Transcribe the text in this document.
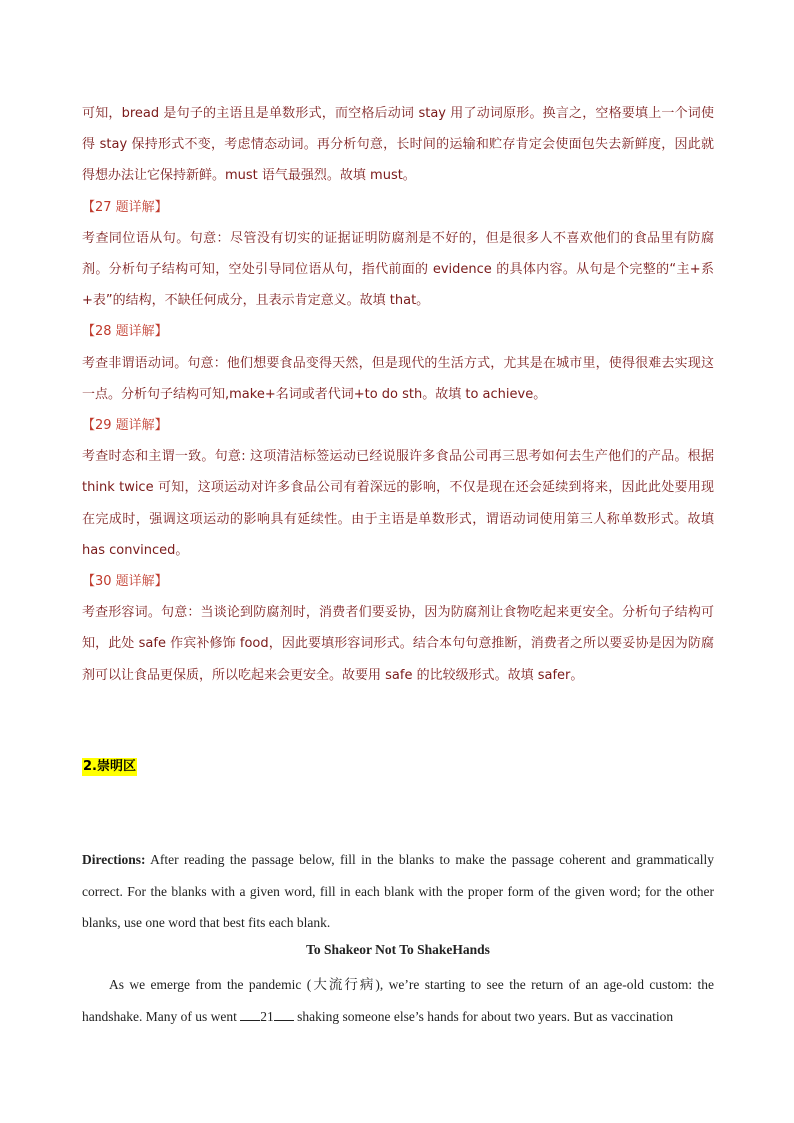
可知，bread 是句子的主语且是单数形式，而空格后动词 stay 用了动词原形。换言之，空格要填上一个词使得 stay 保持形式不变，考虑情态动词。再分析句意，长时间的运输和贮存肯定会使面包失去新鲜度，因此就得想办法让它保持新鲜。must 语气最强烈。故填 must。

【27 题详解】

考查同位语从句。句意：尽管没有切实的证据证明防腐剂是不好的，但是很多人不喜欢他们的食品里有防腐剂。分析句子结构可知，空处引导同位语从句，指代前面的 evidence 的具体内容。从句是个完整的“主+系+表”的结构，不缺任何成分，且表示肯定意义。故填 that。

【28 题详解】

考查非谓语动词。句意：他们想要食品变得天然，但是现代的生活方式，尤其是在城市里，使得很难去实现这一点。分析句子结构可知,make+名词或者代词+to do sth。故填 to achieve。

【29 题详解】

考查时态和主谓一致。句意: 这项清洁标签运动已经说服许多食品公司再三思考如何去生产他们的产品。根据 think twice 可知，这项运动对许多食品公司有着深远的影响，不仅是现在还会延续到将来，因此此处要用现在完成时，强调这项运动的影响具有延续性。由于主语是单数形式，谓语动词使用第三人称单数形式。故填 has convinced。

【30 题详解】

考查形容词。句意：当谈论到防腐剂时，消费者们要妥协，因为防腐剂让食物吃起来更安全。分析句子结构可知，此处 safe 作宾补修饰 food，因此要填形容词形式。结合本句句意推断，消费者之所以要妥协是因为防腐剂可以让食品更保质，所以吃起来会更安全。故要用 safe 的比较级形式。故填 safer。

2.崇明区
Directions: After reading the passage below, fill in the blanks to make the passage coherent and grammatically correct. For the blanks with a given word, fill in each blank with the proper form of the given word; for the other blanks, use one word that best fits each blank.
To Shakeor Not To ShakeHands
As we emerge from the pandemic (大流行病), we’re starting to see the return of an age-old custom: the handshake. Many of us went 21 shaking someone else’s hands for about two years. But as vaccination
